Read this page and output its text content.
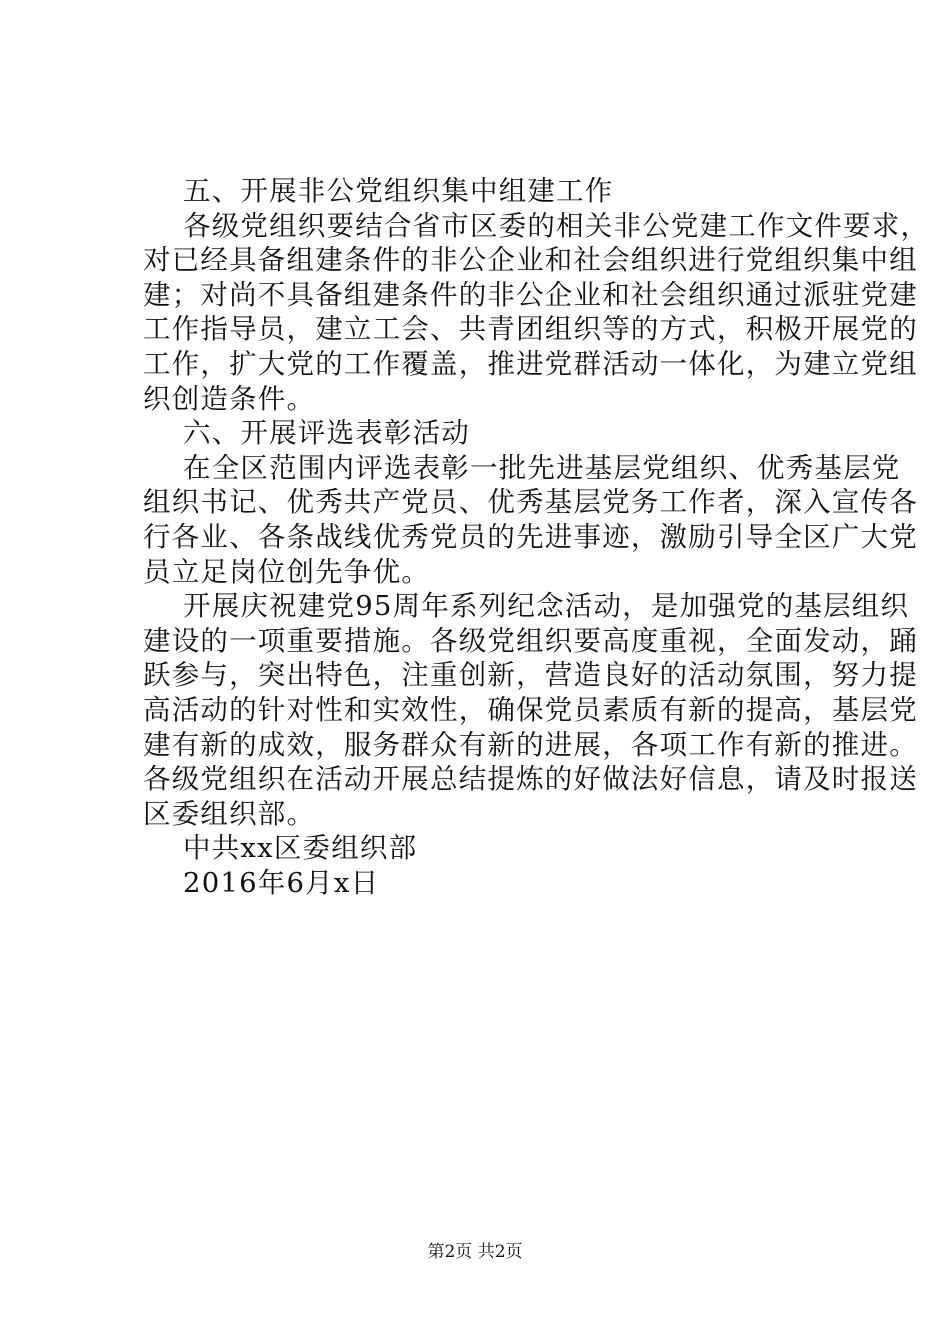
五、开展非公党组织集中组建工作
各级党组织要结合省市区委的相关非公党建工作文件要求，
对已经具备组建条件的非公企业和社会组织进行党组织集中组
建；对尚不具备组建条件的非公企业和社会组织通过派驻党建
工作指导员，建立工会、共青团组织等的方式，积极开展党的
工作，扩大党的工作覆盖，推进党群活动一体化，为建立党组
织创造条件。
六、开展评选表彰活动
在全区范围内评选表彰一批先进基层党组织、优秀基层党
组织书记、优秀共产党员、优秀基层党务工作者，深入宣传各
行各业、各条战线优秀党员的先进事迹，激励引导全区广大党
员立足岗位创先争优。
开展庆祝建党95周年系列纪念活动，是加强党的基层组织
建设的一项重要措施。各级党组织要高度重视，全面发动，踊
跃参与，突出特色，注重创新，营造良好的活动氛围，努力提
高活动的针对性和实效性，确保党员素质有新的提高，基层党
建有新的成效，服务群众有新的进展，各项工作有新的推进。
各级党组织在活动开展总结提炼的好做法好信息，请及时报送
区委组织部。
中共xx区委组织部
2016年6月x日
第2页 共2页
